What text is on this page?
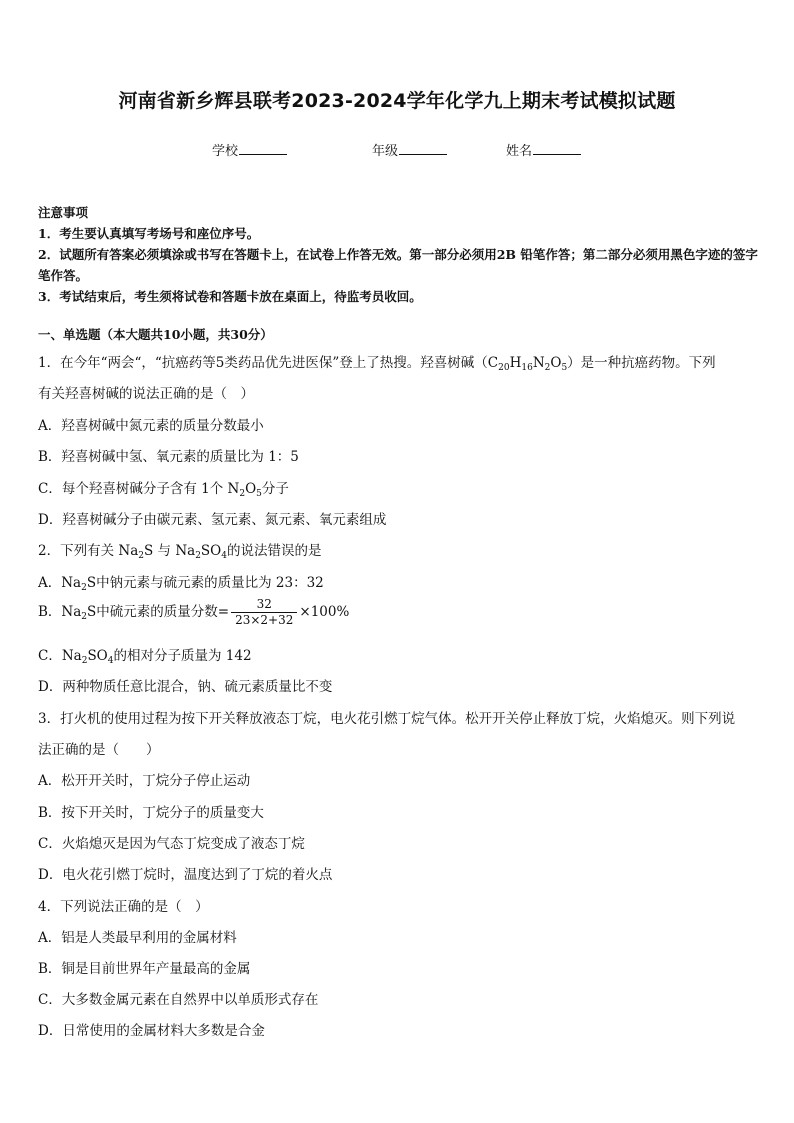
河南省新乡辉县联考2023-2024学年化学九上期末考试模拟试题
学校	年级	姓名
注意事项
1．考生要认真填写考场号和座位序号。
2．试题所有答案必须填涂或书写在答题卡上，在试卷上作答无效。第一部分必须用2B 铅笔作答；第二部分必须用黑色字迹的签字笔作答。
3．考试结束后，考生须将试卷和答题卡放在桌面上，待监考员收回。
一、单选题（本大题共10小题，共30分）
1．在今年“两会“，“抗癌药等5类药品优先进医保”登上了热搜。羟喜树碱$(C_{20}H_{16}N_2O_5)$是一种抗癌药物。下列
有关羟喜树碱的说法正确的是（　）
A．羟喜树碱中氮元素的质量分数最小
B．羟喜树碱中氢、氧元素的质量比为 1：5
C．每个羟喜树碱分子含有 1个 $N_2O_5$分子
D．羟喜树碱分子由碳元素、氢元素、氮元素、氧元素组成
2．下列有关 $Na_2S$ 与 $Na_2SO_4$的说法错误的是
A．$Na_2S$中钠元素与硫元素的质量比为 23：32
B．$Na_2S$中硫元素的质量分数= $\frac{32}{23\times 2+32} \times 100\%$
C．$Na_2SO_4$的相对分子质量为 142
D．两种物质任意比混合，钠、硫元素质量比不变
3．打火机的使用过程为按下开关释放液态丁烷，电火花引燃丁烷气体。松开开关停止释放丁烷，火焰熄灭。则下列说
法正确的是（　　）
A．松开开关时，丁烷分子停止运动
B．按下开关时，丁烷分子的质量变大
C．火焰熄灭是因为气态丁烷变成了液态丁烷
D．电火花引燃丁烷时，温度达到了丁烷的着火点
4．下列说法正确的是（　）
A．铝是人类最早利用的金属材料
B．铜是目前世界年产量最高的金属
C．大多数金属元素在自然界中以单质形式存在
D．日常使用的金属材料大多数是合金
